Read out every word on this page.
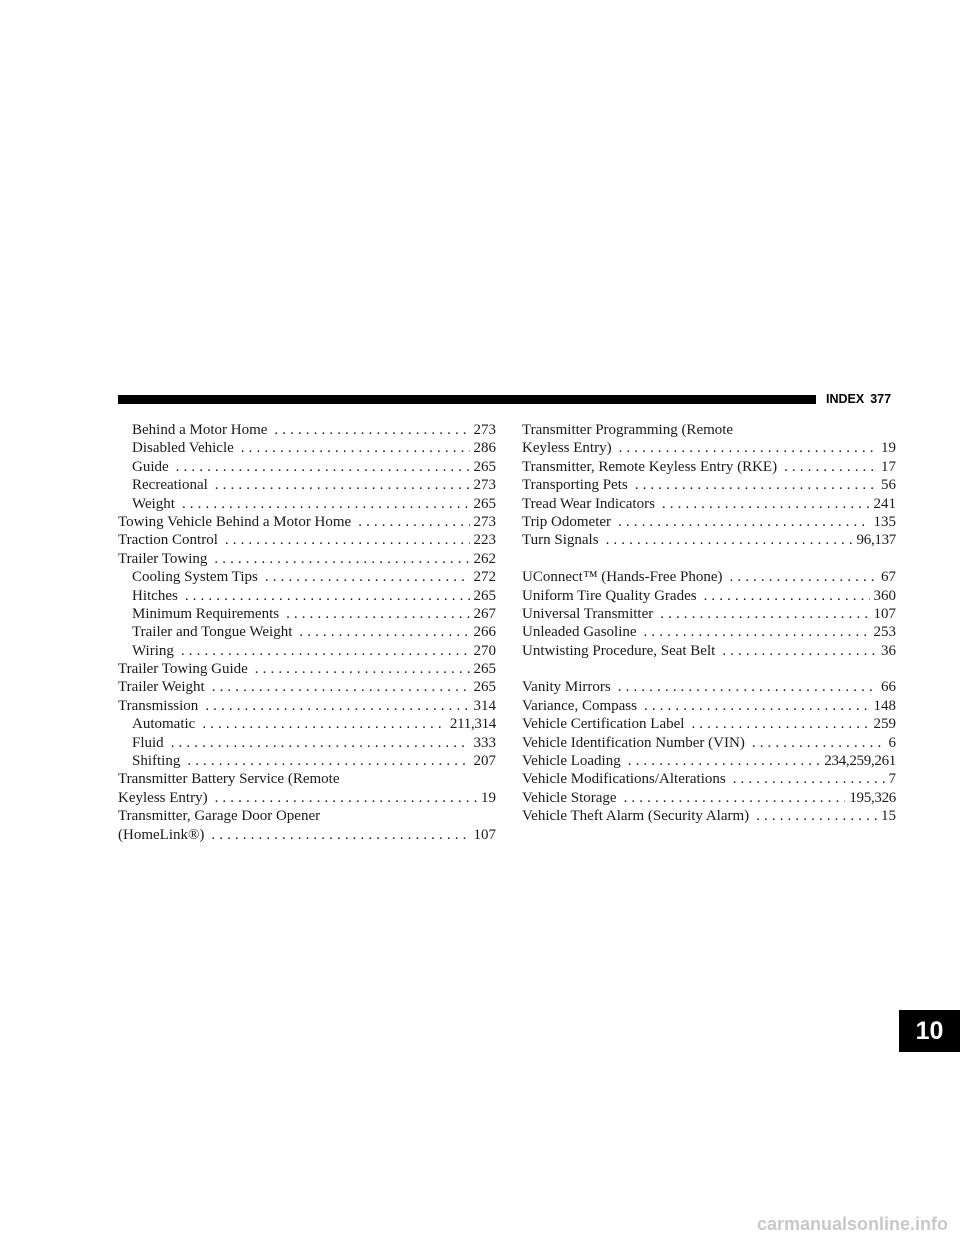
INDEX 377
Behind a Motor Home .....	273
Disabled Vehicle .....	286
Guide .....	265
Recreational .....	273
Weight .....	265
Towing Vehicle Behind a Motor Home .....	273
Traction Control .....	223
Trailer Towing .....	262
Cooling System Tips .....	272
Hitches .....	265
Minimum Requirements .....	267
Trailer and Tongue Weight .....	266
Wiring .....	270
Trailer Towing Guide .....	265
Trailer Weight .....	265
Transmission .....	314
Automatic .....	211,314
Fluid .....	333
Shifting .....	207
Transmitter Battery Service (Remote
Keyless Entry) .....	19
Transmitter, Garage Door Opener
(HomeLink®) .....	107
Transmitter Programming (Remote
Keyless Entry) .....	19
Transmitter, Remote Keyless Entry (RKE) .....	17
Transporting Pets .....	56
Tread Wear Indicators .....	241
Trip Odometer .....	135
Turn Signals .....	96,137
UConnect™ (Hands-Free Phone) .....	67
Uniform Tire Quality Grades .....	360
Universal Transmitter .....	107
Unleaded Gasoline .....	253
Untwisting Procedure, Seat Belt .....	36
Vanity Mirrors .....	66
Variance, Compass .....	148
Vehicle Certification Label .....	259
Vehicle Identification Number (VIN) .....	6
Vehicle Loading .....	234,259,261
Vehicle Modifications/Alterations .....	7
Vehicle Storage .....	195,326
Vehicle Theft Alarm (Security Alarm) .....	15
10
carmanualsonline.info
